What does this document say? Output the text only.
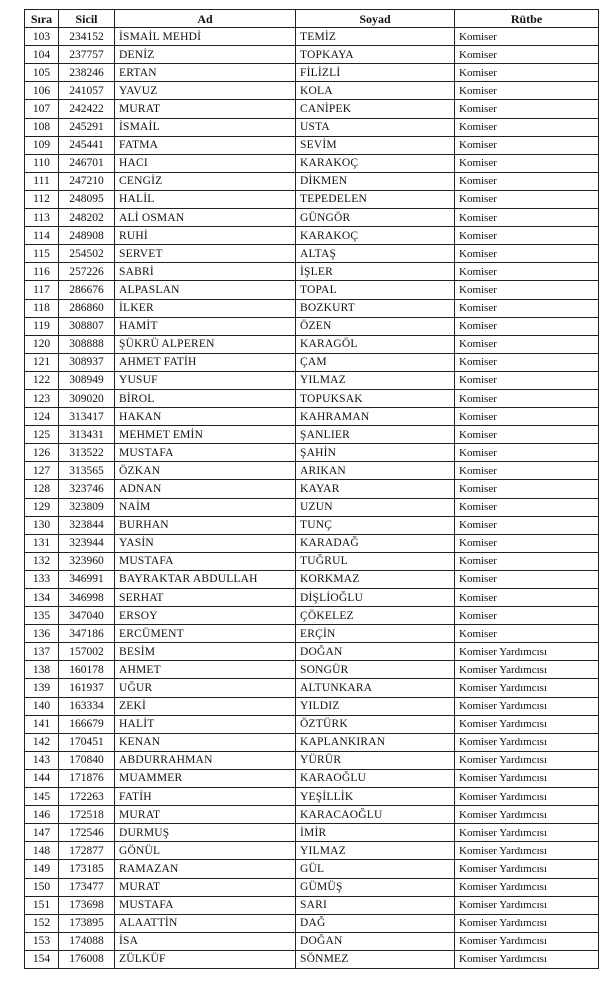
Sıra	Sicil	Ad	Soyad	Rütbe
103	234152	İSMAİL MEHDİ	TEMİZ	Komiser
104	237757	DENİZ	TOPKAYA	Komiser
105	238246	ERTAN	FİLİZLİ	Komiser
106	241057	YAVUZ	KOLA	Komiser
107	242422	MURAT	CANİPEK	Komiser
108	245291	İSMAİL	USTA	Komiser
109	245441	FATMA	SEVİM	Komiser
110	246701	HACI	KARAKOÇ	Komiser
111	247210	CENGİZ	DİKMEN	Komiser
112	248095	HALİL	TEPEDELEN	Komiser
113	248202	ALİ OSMAN	GÜNGÖR	Komiser
114	248908	RUHİ	KARAKOÇ	Komiser
115	254502	SERVET	ALTAŞ	Komiser
116	257226	SABRİ	İŞLER	Komiser
117	286676	ALPASLAN	TOPAL	Komiser
118	286860	İLKER	BOZKURT	Komiser
119	308807	HAMİT	ÖZEN	Komiser
120	308888	ŞÜKRÜ ALPEREN	KARAGÖL	Komiser
121	308937	AHMET FATİH	ÇAM	Komiser
122	308949	YUSUF	YILMAZ	Komiser
123	309020	BİROL	TOPUKSAK	Komiser
124	313417	HAKAN	KAHRAMAN	Komiser
125	313431	MEHMET EMİN	ŞANLIER	Komiser
126	313522	MUSTAFA	ŞAHİN	Komiser
127	313565	ÖZKAN	ARIKAN	Komiser
128	323746	ADNAN	KAYAR	Komiser
129	323809	NAİM	UZUN	Komiser
130	323844	BURHAN	TUNÇ	Komiser
131	323944	YASİN	KARADAĞ	Komiser
132	323960	MUSTAFA	TUĞRUL	Komiser
133	346991	BAYRAKTAR ABDULLAH	KORKMAZ	Komiser
134	346998	SERHAT	DİŞLİOĞLU	Komiser
135	347040	ERSOY	ÇÖKELEZ	Komiser
136	347186	ERCÜMENT	ERÇİN	Komiser
137	157002	BESİM	DOĞAN	Komiser Yardımcısı
138	160178	AHMET	SONGÜR	Komiser Yardımcısı
139	161937	UĞUR	ALTUNKARA	Komiser Yardımcısı
140	163334	ZEKİ	YILDIZ	Komiser Yardımcısı
141	166679	HALİT	ÖZTÜRK	Komiser Yardımcısı
142	170451	KENAN	KAPLANKIRAN	Komiser Yardımcısı
143	170840	ABDURRAHMAN	YÜRÜR	Komiser Yardımcısı
144	171876	MUAMMER	KARAOĞLU	Komiser Yardımcısı
145	172263	FATİH	YEŞİLLİK	Komiser Yardımcısı
146	172518	MURAT	KARACAOĞLU	Komiser Yardımcısı
147	172546	DURMUŞ	İMİR	Komiser Yardımcısı
148	172877	GÖNÜL	YILMAZ	Komiser Yardımcısı
149	173185	RAMAZAN	GÜL	Komiser Yardımcısı
150	173477	MURAT	GÜMÜŞ	Komiser Yardımcısı
151	173698	MUSTAFA	SARI	Komiser Yardımcısı
152	173895	ALAATTİN	DAĞ	Komiser Yardımcısı
153	174088	İSA	DOĞAN	Komiser Yardımcısı
154	176008	ZÜLKÜF	SÖNMEZ	Komiser Yardımcısı
